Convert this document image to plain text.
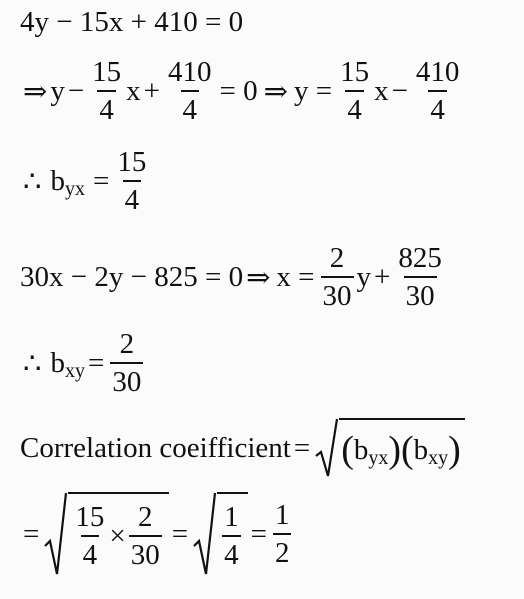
4y − 15x + 410 = 0
⇒ $y - \frac{15}{4}$ $x + \frac{410}{4} = 0$ ⇒ $y = \frac{15}{4}$ $x - \frac{410}{4}$
∴ b yx = $\frac{15}{4}$
30x − 2y − 825 = 0 ⇒ $x = \frac{2}{30}$ $y + \frac{825}{30}$
∴ b xy = $\frac{2}{30}$
Correlation coeifficient = ( b yx ) ( b xy )
= $\frac{15}{4} \times \frac{2}{30} = \frac{1}{4} = \frac{1}{2}$
